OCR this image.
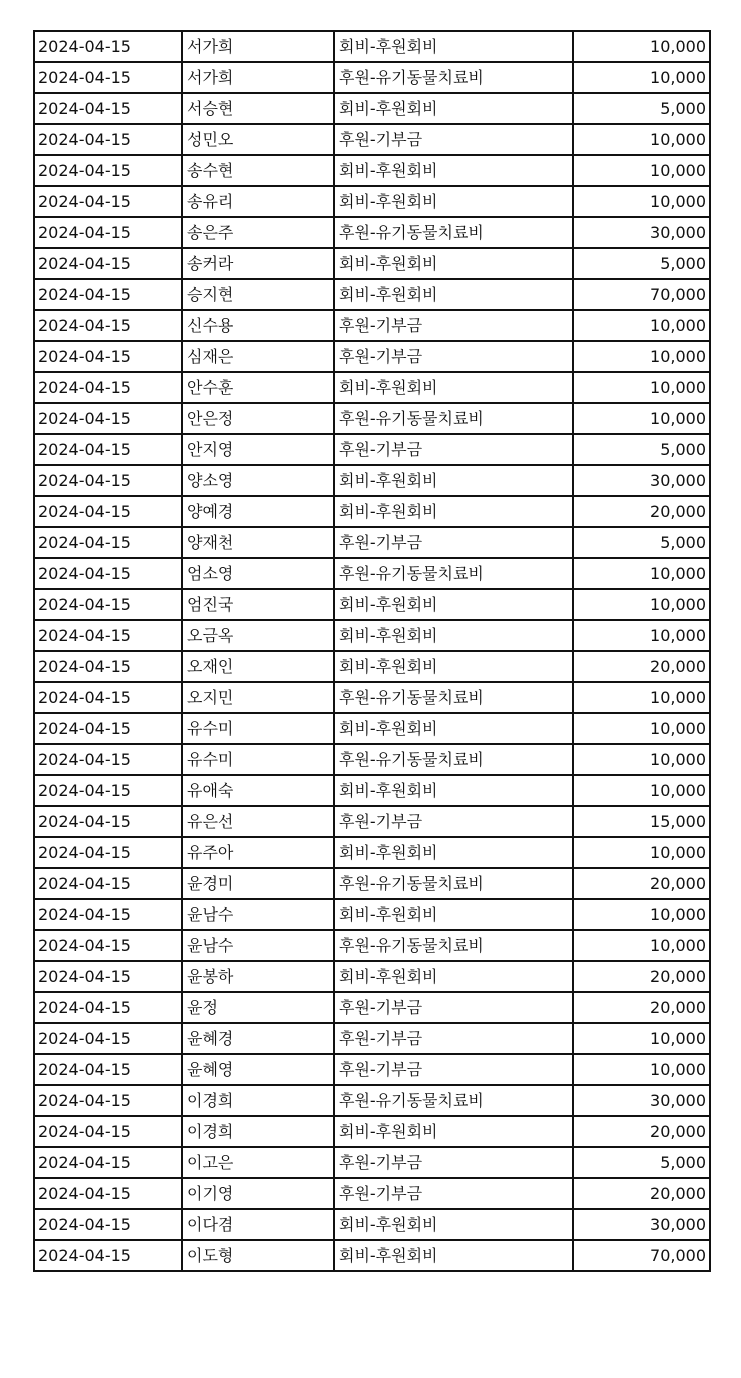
2024-04-15	서가희	회비-후원회비	10,000
2024-04-15	서가희	후원-유기동물치료비	10,000
2024-04-15	서승현	회비-후원회비	5,000
2024-04-15	성민오	후원-기부금	10,000
2024-04-15	송수현	회비-후원회비	10,000
2024-04-15	송유리	회비-후원회비	10,000
2024-04-15	송은주	후원-유기동물치료비	30,000
2024-04-15	송커라	회비-후원회비	5,000
2024-04-15	승지현	회비-후원회비	70,000
2024-04-15	신수용	후원-기부금	10,000
2024-04-15	심재은	후원-기부금	10,000
2024-04-15	안수훈	회비-후원회비	10,000
2024-04-15	안은정	후원-유기동물치료비	10,000
2024-04-15	안지영	후원-기부금	5,000
2024-04-15	양소영	회비-후원회비	30,000
2024-04-15	양예경	회비-후원회비	20,000
2024-04-15	양재천	후원-기부금	5,000
2024-04-15	엄소영	후원-유기동물치료비	10,000
2024-04-15	엄진국	회비-후원회비	10,000
2024-04-15	오금옥	회비-후원회비	10,000
2024-04-15	오재인	회비-후원회비	20,000
2024-04-15	오지민	후원-유기동물치료비	10,000
2024-04-15	유수미	회비-후원회비	10,000
2024-04-15	유수미	후원-유기동물치료비	10,000
2024-04-15	유애숙	회비-후원회비	10,000
2024-04-15	유은선	후원-기부금	15,000
2024-04-15	유주아	회비-후원회비	10,000
2024-04-15	윤경미	후원-유기동물치료비	20,000
2024-04-15	윤남수	회비-후원회비	10,000
2024-04-15	윤남수	후원-유기동물치료비	10,000
2024-04-15	윤봉하	회비-후원회비	20,000
2024-04-15	윤정	후원-기부금	20,000
2024-04-15	윤혜경	후원-기부금	10,000
2024-04-15	윤혜영	후원-기부금	10,000
2024-04-15	이경희	후원-유기동물치료비	30,000
2024-04-15	이경희	회비-후원회비	20,000
2024-04-15	이고은	후원-기부금	5,000
2024-04-15	이기영	후원-기부금	20,000
2024-04-15	이다겸	회비-후원회비	30,000
2024-04-15	이도형	회비-후원회비	70,000
